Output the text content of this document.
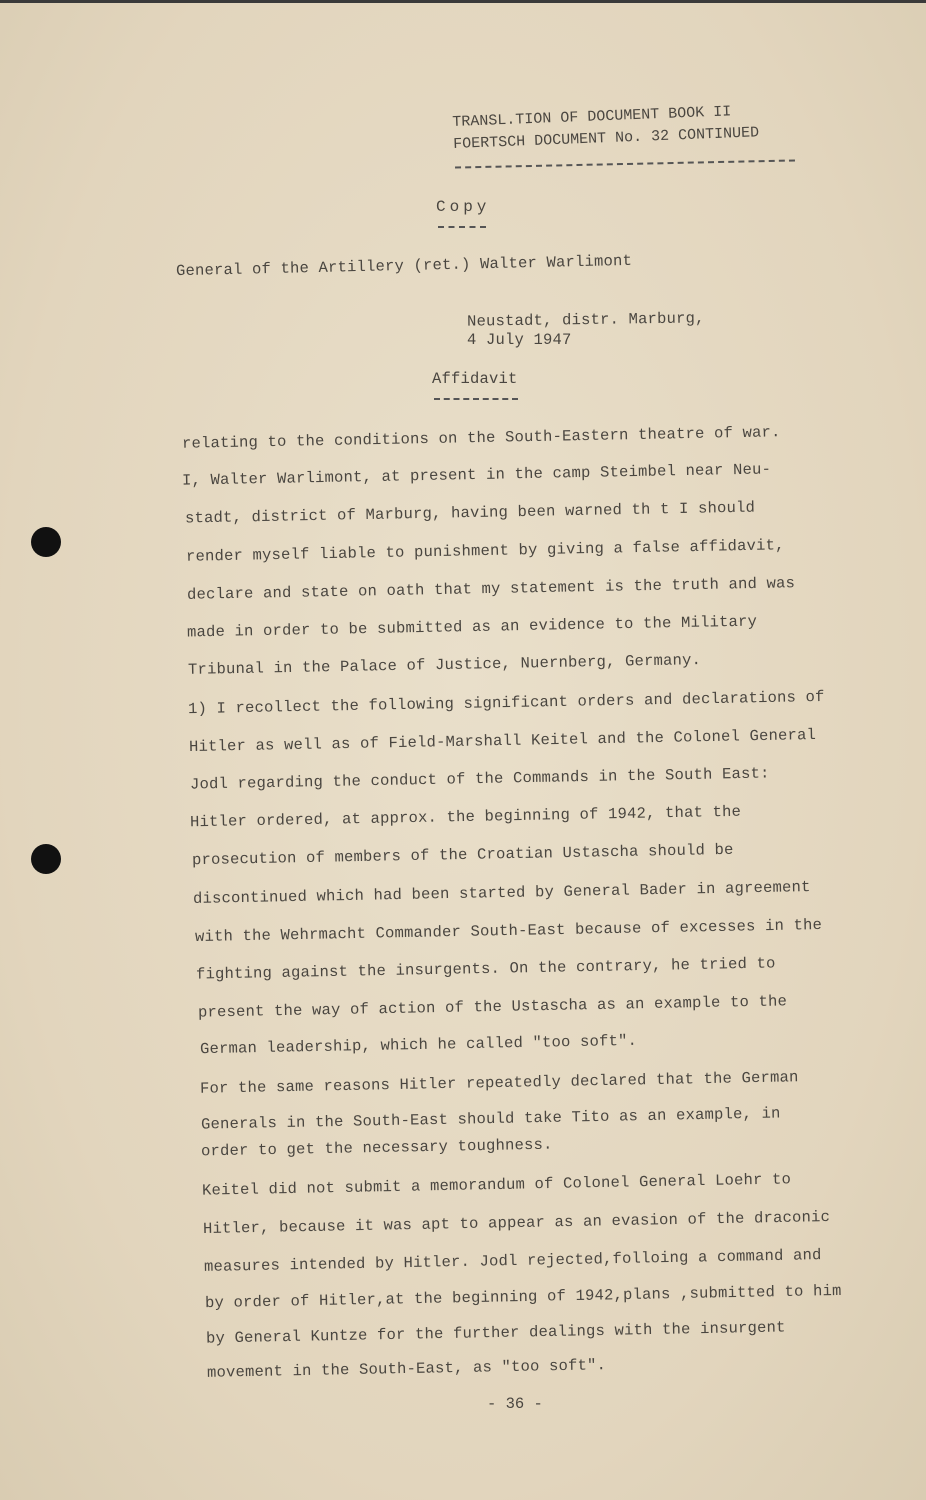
TRANSL.TION OF DOCUMENT BOOK II
FOERTSCH DOCUMENT No. 32 CONTINUED
Copy
General of the Artillery (ret.) Walter Warlimont
Neustadt, distr. Marburg,
4 July 1947
Affidavit
relating to the conditions on the South-Eastern theatre of war.
I, Walter Warlimont, at present in the camp Steimbel near Neu-
stadt, district of Marburg, having been warned th t I should
render myself liable to punishment by giving a false affidavit,
declare and state on oath that my statement is the truth and was
made in order to be submitted as an evidence to the Military
Tribunal in the Palace of Justice, Nuernberg, Germany.
1) I recollect the following significant orders and declarations of
Hitler as well as of Field-Marshall Keitel and the Colonel General
Jodl regarding the conduct of the Commands in the South East:
Hitler ordered, at approx. the beginning of 1942, that the
prosecution of members of the Croatian Ustascha should be
discontinued which had been started by General Bader in agreement
with the Wehrmacht Commander South-East because of excesses in the
fighting against the insurgents. On the contrary, he tried to
present the way of action of the Ustascha as an example to the
German leadership, which he called "too soft".
For the same reasons Hitler repeatedly declared that the German
Generals in the South-East should take Tito as an example, in
order to get the necessary toughness.
Keitel did not submit a memorandum of Colonel General Loehr to
Hitler, because it was apt to appear as an evasion of the draconic
measures intended by Hitler. Jodl rejected,folloing a command and
by order of Hitler,at the beginning of 1942,plans ,submitted to him
by General Kuntze for the further dealings with the insurgent
movement in the South-East, as "too soft".
- 36 -
